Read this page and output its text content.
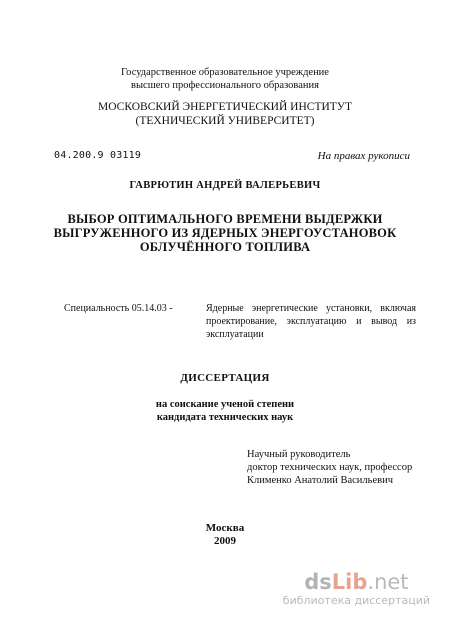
Государственное образовательное учреждение
высшего профессионального образования
МОСКОВСКИЙ ЭНЕРГЕТИЧЕСКИЙ ИНСТИТУТ
(ТЕХНИЧЕСКИЙ УНИВЕРСИТЕТ)
04.200.9 03119	На правах рукописи
ГАВРЮТИН АНДРЕЙ ВАЛЕРЬЕВИЧ
ВЫБОР ОПТИМАЛЬНОГО ВРЕМЕНИ ВЫДЕРЖКИ
ВЫГРУЖЕННОГО ИЗ ЯДЕРНЫХ ЭНЕРГОУСТАНОВОК
ОБЛУЧЁННОГО ТОПЛИВА
Специальность 05.14.03 -	Ядерные энергетические установки, включая проектирование, эксплуатацию и вывод из эксплуатации
ДИССЕРТАЦИЯ
на соискание ученой степени
кандидата технических наук
Научный руководитель
доктор технических наук, профессор
Клименко Анатолий Васильевич
Москва
2009
dsLib.net
библиотека диссертаций
